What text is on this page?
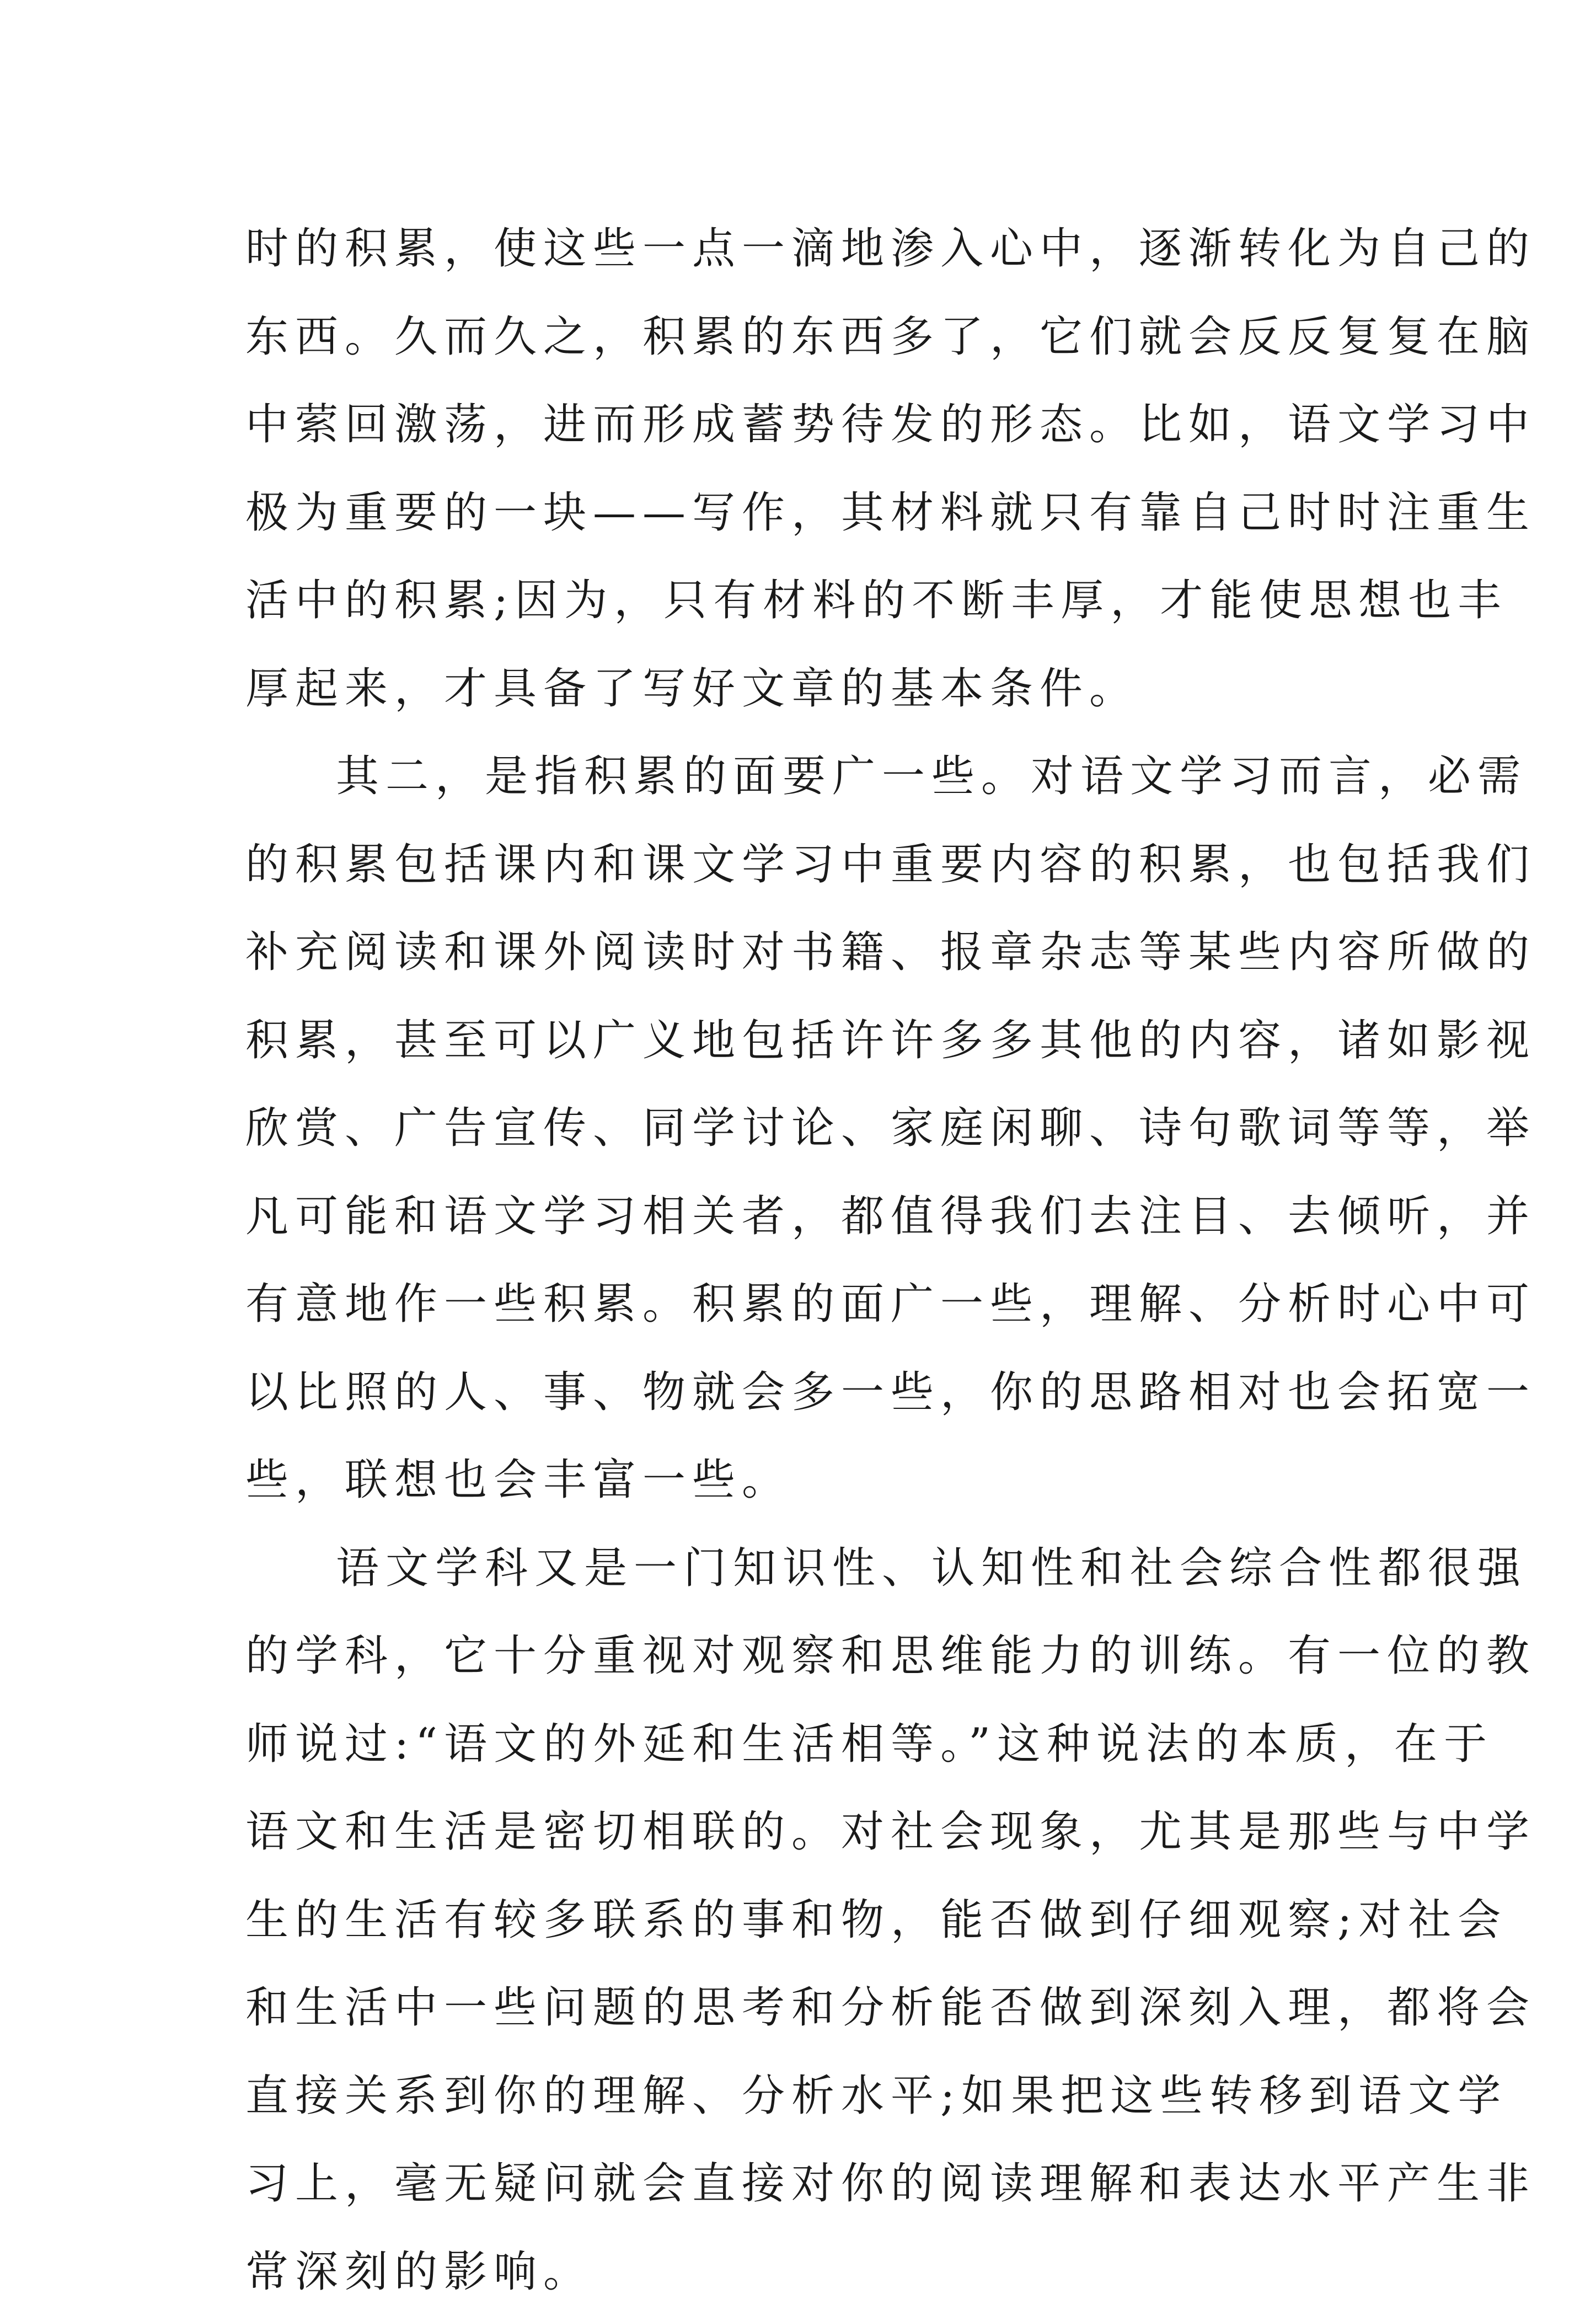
时的积累，使这些一点一滴地渗入心中，逐渐转化为自己的
东西。久而久之，积累的东西多了，它们就会反反复复在脑
中萦回激荡，进而形成蓄势待发的形态。比如，语文学习中
极为重要的一块——写作，其材料就只有靠自己时时注重生
活中的积累;因为，只有材料的不断丰厚，才能使思想也丰
厚起来，才具备了写好文章的基本条件。
其二，是指积累的面要广一些。对语文学习而言，必需
的积累包括课内和课文学习中重要内容的积累，也包括我们
补充阅读和课外阅读时对书籍、报章杂志等某些内容所做的
积累，甚至可以广义地包括许许多多其他的内容，诸如影视
欣赏、广告宣传、同学讨论、家庭闲聊、诗句歌词等等，举
凡可能和语文学习相关者，都值得我们去注目、去倾听，并
有意地作一些积累。积累的面广一些，理解、分析时心中可
以比照的人、事、物就会多一些，你的思路相对也会拓宽一
些，联想也会丰富一些。
语文学科又是一门知识性、认知性和社会综合性都很强
的学科，它十分重视对观察和思维能力的训练。有一位的教
师说过:“语文的外延和生活相等。”这种说法的本质，在于
语文和生活是密切相联的。对社会现象，尤其是那些与中学
生的生活有较多联系的事和物，能否做到仔细观察;对社会
和生活中一些问题的思考和分析能否做到深刻入理，都将会
直接关系到你的理解、分析水平;如果把这些转移到语文学
习上，毫无疑问就会直接对你的阅读理解和表达水平产生非
常深刻的影响。
